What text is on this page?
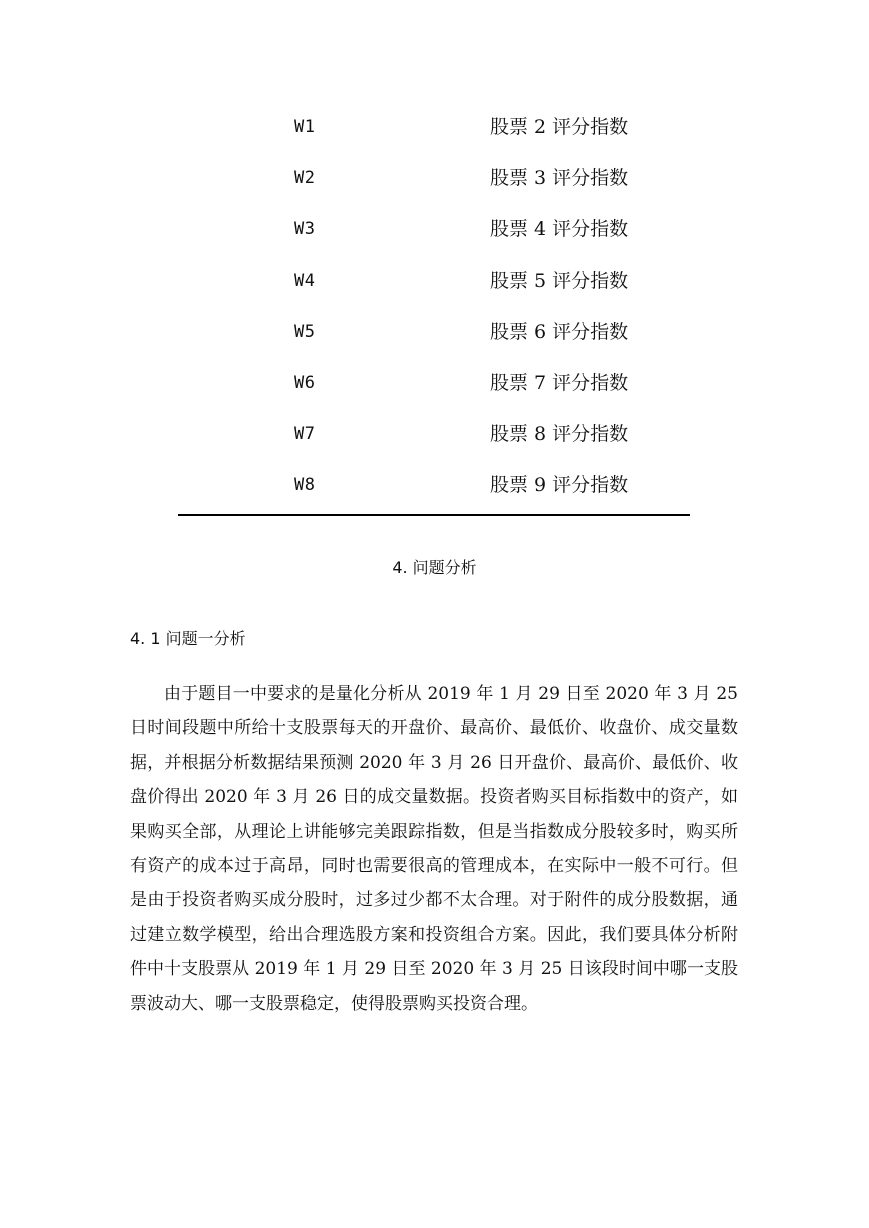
W1	股票 2 评分指数
W2	股票 3 评分指数
W3	股票 4 评分指数
W4	股票 5 评分指数
W5	股票 6 评分指数
W6	股票 7 评分指数
W7	股票 8 评分指数
W8	股票 9 评分指数
4. 问题分析
4. 1 问题一分析

由于题目一中要求的是量化分析从 2019 年 1 月 29 日至 2020 年 3 月 25 日时间段题中所给十支股票每天的开盘价、最高价、最低价、收盘价、成交量数据，并根据分析数据结果预测 2020 年 3 月 26 日开盘价、最高价、最低价、收盘价得出 2020 年 3 月 26 日的成交量数据。投资者购买目标指数中的资产，如果购买全部，从理论上讲能够完美跟踪指数，但是当指数成分股较多时，购买所有资产的成本过于高昂，同时也需要很高的管理成本，在实际中一般不可行。但是由于投资者购买成分股时，过多过少都不太合理。对于附件的成分股数据，通过建立数学模型，给出合理选股方案和投资组合方案。因此，我们要具体分析附件中十支股票从 2019 年 1 月 29 日至 2020 年 3 月 25 日该段时间中哪一支股票波动大、哪一支股票稳定，使得股票购买投资合理。
